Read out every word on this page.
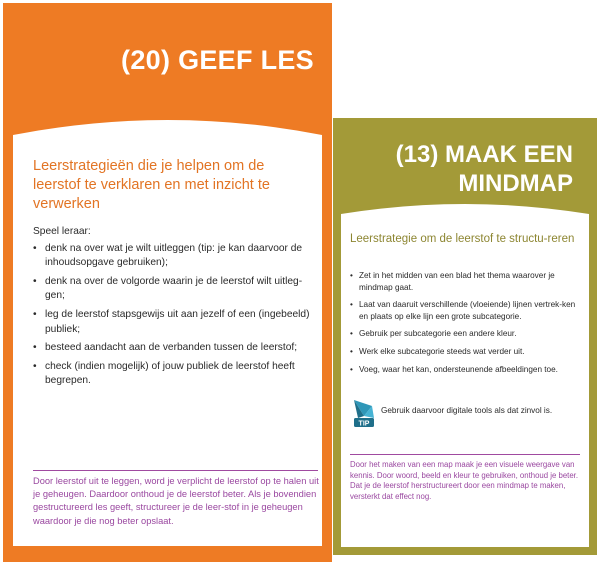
(20) GEEF LES
Leerstrategieën die je helpen om de leerstof te verklaren en met inzicht te verwerken

Speel leraar:

• denk na over wat je wilt uitleggen (tip: je kan daarvoor de inhoudsopgave gebruiken);
• denk na over de volgorde waarin je de leerstof wilt uitleg-gen;
• leg de leerstof stapsgewijs uit aan jezelf of een (ingebeeld) publiek;
• besteed aandacht aan de verbanden tussen de leerstof;
• check (indien mogelijk) of jouw publiek de leerstof heeft begrepen.
Door leerstof uit te leggen, word je verplicht de leerstof op te halen uit je geheugen. Daardoor onthoud je de leerstof beter. Als je bovendien gestructureerd les geeft, structureer je de leer-stof in je geheugen waardoor je die nog beter opslaat.
(13) MAAK EEN MINDMAP
Leerstrategie om de leerstof te structu-reren
• Zet in het midden van een blad het thema waarover je mindmap gaat.
• Laat van daaruit verschillende (vloeiende) lijnen vertrek-ken en plaats op elke lijn een grote subcategorie.
• Gebruik per subcategorie een andere kleur.
• Werk elke subcategorie steeds wat verder uit.
• Voeg, waar het kan, ondersteunende afbeeldingen toe.
TIP
Gebruik daarvoor digitale tools als dat zinvol is.
Door het maken van een map maak je een visuele weergave van kennis. Door woord, beeld en kleur te gebruiken, onthoud je beter. Dat je de leerstof herstructureert door een mindmap te maken, versterkt dat effect nog.
